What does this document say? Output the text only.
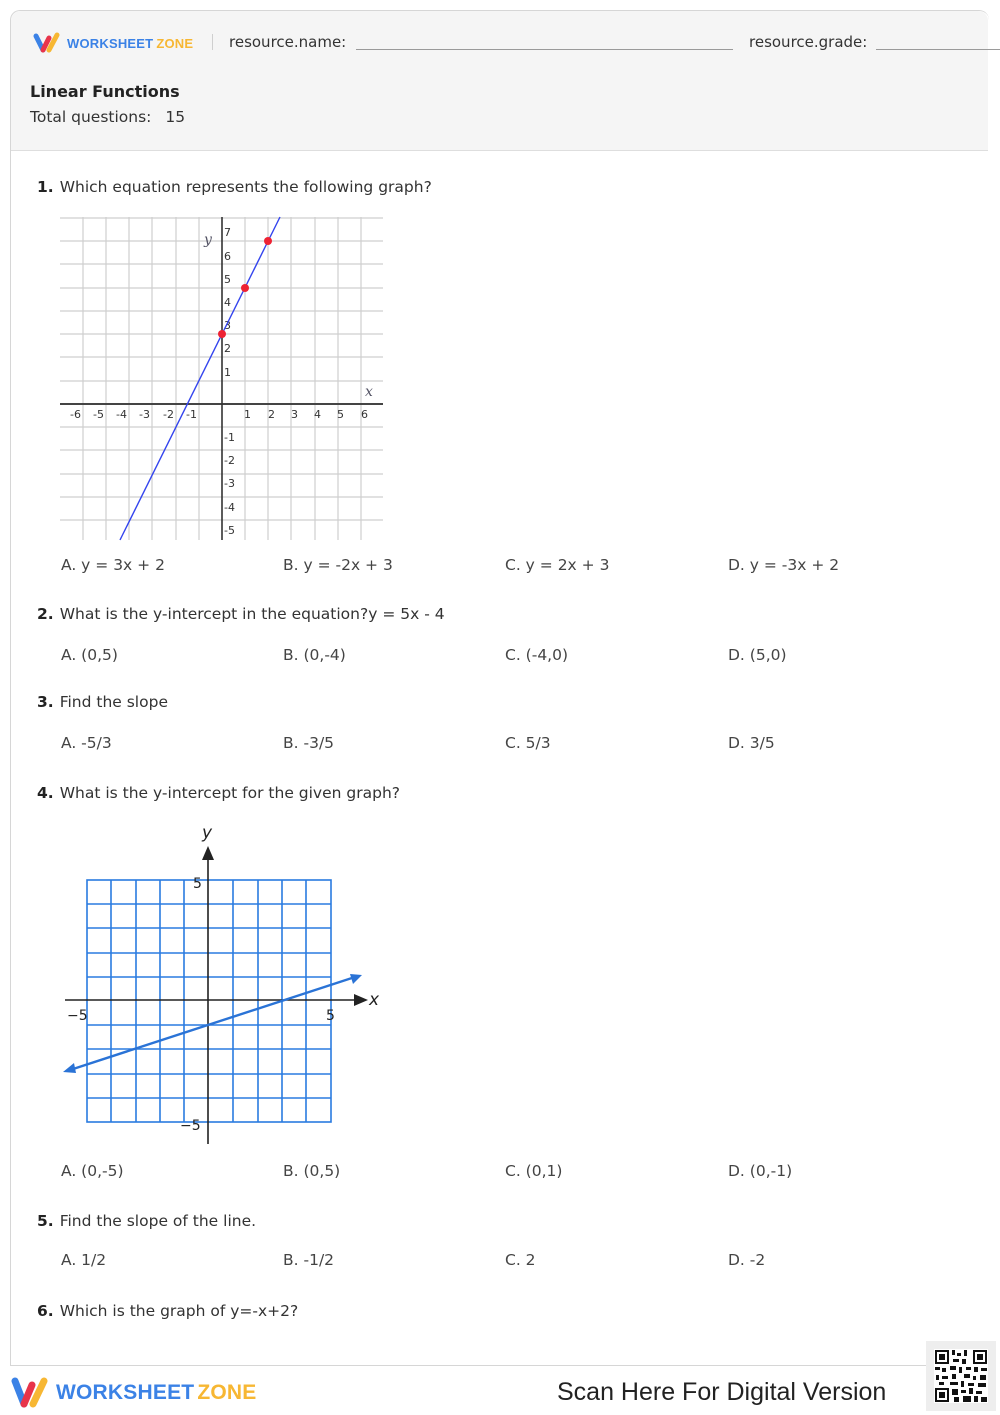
WORKSHEET ZONE resource.name:	resource.grade:
Linear Functions
Total questions: 15
1. Which equation represents the following graph?
-6 -5 -4 -3 -2 -1	1 2 3 4 5 6
7
6
5
4
3
2
1
-1
-2
-3
-4
-5
y
x
A. y = 3x + 2	B. y = -2x + 3	C. y = 2x + 3	D. y = -3x + 2
2. What is the y-intercept in the equation?y = 5x - 4
A. (0,5)	B. (0,-4)	C. (-4,0)	D. (5,0)
3. Find the slope
A. -5/3	B. -3/5	C. 5/3	D. 3/5
4. What is the y-intercept for the given graph?
y
x
5
−5
−5	5
A. (0,-5)	B. (0,5)	C. (0,1)	D. (0,-1)
5. Find the slope of the line.
A. 1/2	B. -1/2	C. 2	D. -2
6. Which is the graph of y=-x+2?
WORKSHEET ZONE	Scan Here For Digital Version
